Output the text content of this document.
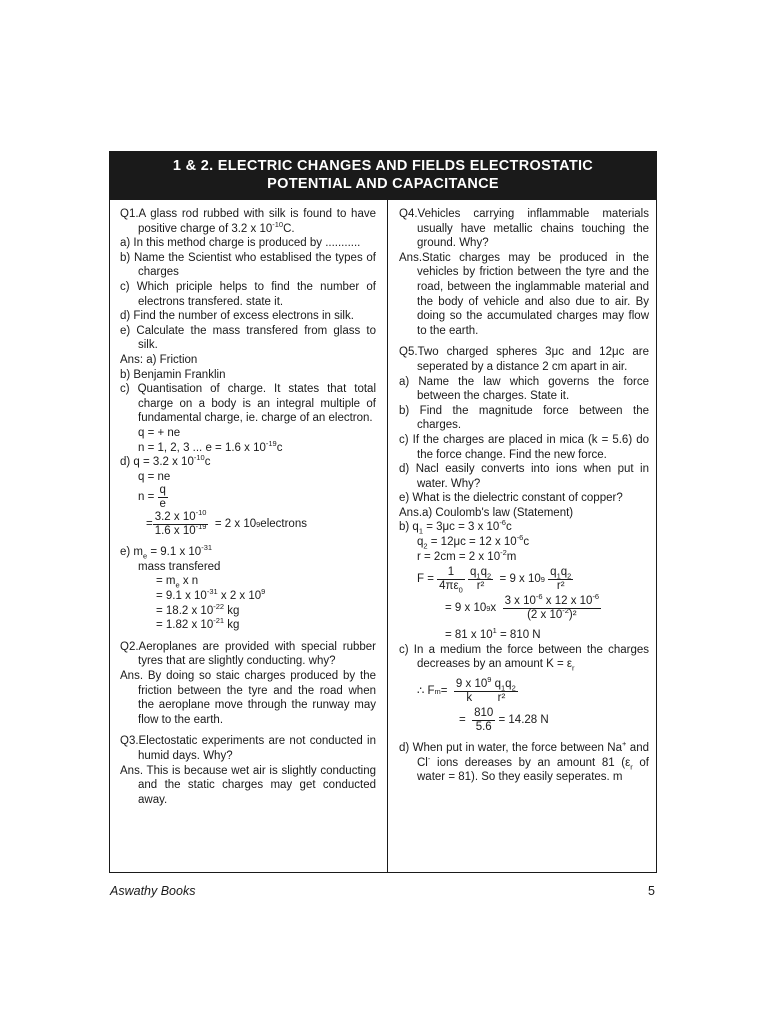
1 & 2. ELECTRIC CHANGES AND FIELDS ELECTROSTATIC
POTENTIAL AND CAPACITANCE
Q1.A glass rod rubbed with silk is found to have positive charge of 3.2 x $10^{-10}C$.
a) In this method charge is produced by ...........
b) Name the Scientist who establised the types of charges
c) Which priciple helps to find the number of electrons transfered. state it.
d) Find the number of excess electrons in silk.
e) Calculate the mass transfered from glass to silk.
Ans: a) Friction
b) Benjamin Franklin
c) Quantisation of charge. It states that total charge on a body is an integral multiple of fundamental charge, ie. charge of an electron.
q = + ne
n = 1, 2, 3 ... e = 1.6 x $10^{-19}c$
d) q = 3.2 x $10^{-10}c$
q = ne
n =
$\frac{q}{e}$
= $\frac{3.2 x 10^{-10}}{1.6 x 10^{-19}}$
= 2 x 10 9 electrons
e) $m_e = 9.1$ x $10^{-31}$
mass transfered
= $m_e$ x n
= 9.1 x $10^{-31}$ x 2 x $10^9$
= 18.2 x $10^{-22}$ kg
= 1.82 x $10^{-21}$ kg
Q2.Aeroplanes are provided with special rubber tyres that are slightly conducting. why?
Ans. By doing so staic charges produced by the friction between the tyre and the road when the aeroplane move through the runway may flow to the earth.
Q3.Electostatic experiments are not conducted in humid days. Why?
Ans. This is because wet air is slightly conducting and the static charges may get conducted away.
Q4.Vehicles carrying inflammable materials usually have metallic chains touching the ground. Why?
Ans.Static charges may be produced in the vehicles by friction between the tyre and the road, between the inglammable material and the body of vehicle and also due to air. By doing so the accumulated charges may flow to the earth.
Q5.Two charged spheres 3μc and 12μc are seperated by a distance 2 cm apart in air.
a) Name the law which governs the force between the charges. State it.
b) Find the magnitude force between the charges.
c) If the charges are placed in mica (k = 5.6) do the force change. Find the new force.
d) Nacl easily converts into ions when put in water. Why?
e) What is the dielectric constant of copper?
Ans.a) Coulomb's law (Statement)
b) $q_1 = 3\mu c = 3$ x $10^{-6}c$
$q_2 = 12\mu c = 12$ x $10^{-6}c$
r = 2cm = 2 x $10^{-2}m$
F =
$\frac{1}{4\pi\varepsilon_0}$
$\frac{q_1q_2}{\text{r²}}$
= 9 x 10 9
$\frac{q_1q_2}{\text{r²}}$
= 9 x 10 9 x
$\frac{3 x 10^{-6} x 12 x 10^{-6}}{(2 x 10^{-2})^2}$
= 81 x $10^1 = 810$ N
c) In a medium the force between the charges decreases by an amount $K = \varepsilon_r$
∴ F m =
$\frac{9 x 10^9 q_1q_2}{\text{k        r²}}$
=
$\frac{810}{5.6}$
= 14.28 N
d) When put in water, the force between Na+ and Cl- ions dereases by an amount 81 ($\varepsilon_r$ of water = 81). So they easily seperates. m
Aswathy Books	5
